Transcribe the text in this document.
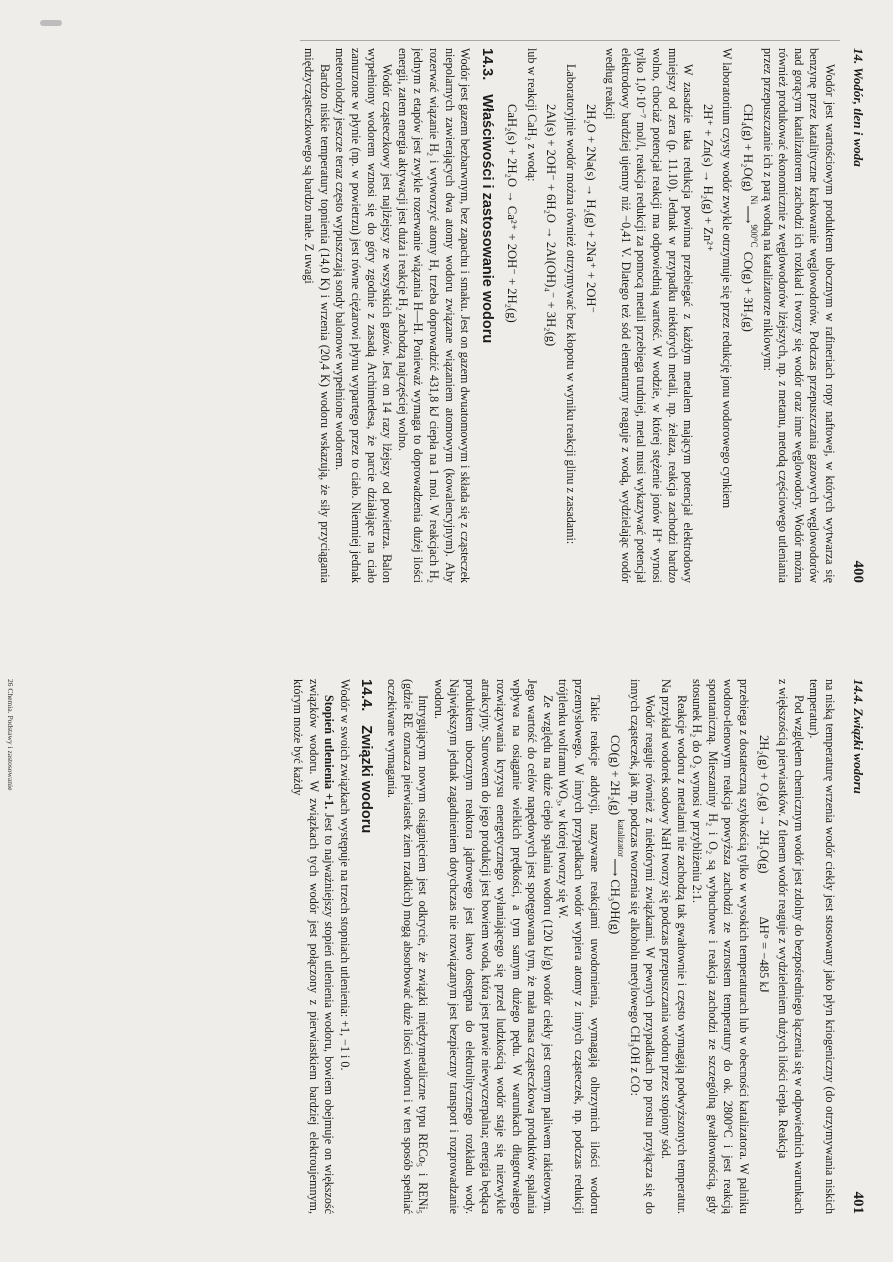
14. Wodór, tlen i woda
400

Wodór jest wartościowym produktem ubocznym w rafineriach ropy naftowej, w których wytwarza się benzynę przez katalityczne krakowanie węglowodorów. Podczas przepuszczania gazowych węglowodorów nad gorącym katalizatorem zachodzi ich rozkład i tworzy się wodór oraz inne węglowodory. Wodór można również produkować ekonomicznie z węglowodorów lżejszych, np. z metanu, metodą częściowego utleniania przez przepuszczanie ich z parą wodną na katalizatorze niklowym:

CH₄(g) + H₂O(g) $^{Ni}$⟶$^{900^\circ C}$ CO(g) + 3H₂(g)

W laboratorium czysty wodór zwykle otrzymuje się przez redukcję jonu wodorowego cynkiem

2H⁺ + Zn(s) → H₂(g) + Zn²⁺

W zasadzie taka redukcja powinna przebiegać z każdym metalem mającym potencjał elektrodowy mniejszy od zera (p. 11.10). Jednak w przypadku niektórych metali, np. żelaza, reakcja zachodzi bardzo wolno, chociaż potencjał reakcji ma odpowiednią wartość. W wodzie, w której stężenie jonów H⁺ wynosi tylko 1,0·10⁻⁷ mol/l, reakcja redukcji za pomocą metali przebiega trudniej, metal musi wykazywać potencjał elektrodowy bardziej ujemny niż −0,41 V. Dlatego też sód elementarny reaguje z wodą, wydzielając wodór według reakcji

2H₂O + 2Na(s) → H₂(g) + 2Na⁺ + 2OH⁻

Laboratoryjnie wodór można również otrzymywać bez kłopotu w wyniku reakcji glinu z zasadami:

2Al(s) + 2OH⁻ + 6H₂O → 2Al(OH)₄⁻ + 3H₂(g)

lub w reakcji CaH₂ z wodą:

CaH₂(s) + 2H₂O → Ca²⁺ + 2OH⁻ + 2H₂(g)
14.3.Właściwości i zastosowanie wodoru

Wodór jest gazem bezbarwnym, bez zapachu i smaku. Jest on gazem dwuatomowym i składa się z cząsteczek niepolarnych zawierających dwa atomy wodoru związane wiązaniem atomowym (kowalencyjnym). Aby rozerwać wiązanie H₂ i wytworzyć atomy H, trzeba doprowadzić 431,8 kJ ciepła na 1 mol. W reakcjach H₂ jednym z etapów jest zwykle rozerwanie wiązania H—H. Ponieważ wymaga to doprowadzenia dużej ilości energii, zatem energia aktywacji jest duża i reakcje H₂ zachodzą najczęściej wolno.

Wodór cząsteczkowy jest najlżejszy ze wszystkich gazów. Jest on 14 razy lżejszy od powietrza. Balon wypełniony wodorem wznosi się do góry zgodnie z zasadą Archimedesa, że parcie działające na ciało zanurzone w płynie (np. w powietrzu) jest równe ciężarowi płynu wypartego przez to ciało. Niemniej jednak meteorolodzy jeszcze teraz często wypuszczają sondy balonowe wypełnione wodorem.

Bardzo niskie temperatury topnienia (14,0 K) i wrzenia (20,4 K) wodoru wskazują, że siły przyciągania międzycząsteczkowego są bardzo małe. Z uwagi

14.4. Związki wodoru
401

na niską temperaturę wrzenia wodór ciekły jest stosowany jako płyn kriogeniczny (do otrzymywania niskich temperatur).

Pod względem chemicznym wodór jest zdolny do bezpośredniego łączenia się w odpowiednich warunkach z większością pierwiastków. Z tlenem wodór reaguje z wydzieleniem dużych ilości ciepła. Reakcja

2H₂(g) + O₂(g) → 2H₂O(g) ΔH° = −485 kJ

przebiega z dostateczną szybkością tylko w wysokich temperaturach lub w obecności katalizatora. W palniku wodoro-tlenowym reakcja powyższa zachodzi ze wzrostem temperatury do ok. 2800°C i jest reakcją spontaniczną. Mieszaniny H₂ i O₂ są wybuchowe i reakcja zachodzi ze szczególną gwałtownością, gdy stosunek H₂ do O₂ wynosi w przybliżeniu 2:1.

Reakcje wodoru z metalami nie zachodzą tak gwałtownie i często wymagają podwyższonych temperatur. Na przykład wodorek sodowy NaH tworzy się podczas przepuszczania wodoru przez stopiony sód.

Wodór reaguje również z niektórymi związkami. W pewnych przypadkach po prostu przyłącza się do innych cząsteczek, jak np. podczas tworzenia się alkoholu metylowego CH₃OH z CO:

CO(g) + 2H₂(g) $^{katalizator}$⟶ CH₃OH(g)

Takie reakcje addycji, nazywane reakcjami uwodornienia, wymagają olbrzymich ilości wodoru przemysłowego. W innych przypadkach wodór wypiera atomy z innych cząsteczek, np. podczas redukcji trójtlenku wolframu WO₃, w której tworzy się W.

Ze względu na duże ciepło spalania wodoru (120 kJ/g) wodór ciekły jest cennym paliwem rakietowym. Jego wartość do celów napędowych jest spotęgowana tym, że mała masa cząsteczkowa produktów spalania wpływa na osiąganie wielkich prędkości, a tym samym dużego pędu. W warunkach długotrwałego rozwiązywania kryzysu energetycznego wyłaniającego się przed ludzkością wodór staje się niezwykle atrakcyjny. Surowcem do jego produkcji jest bowiem woda, która jest prawie niewyczerpalna; energia będąca produktem ubocznym reaktora jądrowego jest łatwo dostępna do elektrolitycznego rozkładu wody. Największym jednak zagadnieniem dotychczas nie rozwiązanym jest bezpieczny transport i rozprowadzanie wodoru.

Intrygującym nowym osiągnięciem jest odkrycie, że związki międzymetaliczne typu RECo₅ i RENi₅ (gdzie RE oznacza pierwiastek ziem rzadkich) mogą absorbować duże ilości wodoru i w ten sposób spełniać oczekiwane wymagania.

14.4.Związki wodoru

Wodór w swoich związkach występuje na trzech stopniach utlenienia: +1, −1 i 0.

Stopień utlenienia +1. Jest to najważniejszy stopień utlenienia wodoru, bowiem obejmuje on większość związków wodoru. W związkach tych wodór jest połączony z pierwiastkiem bardziej elektroujemnym, którym może być każdy

26 Chemia. Podstawy i zastosowanie
